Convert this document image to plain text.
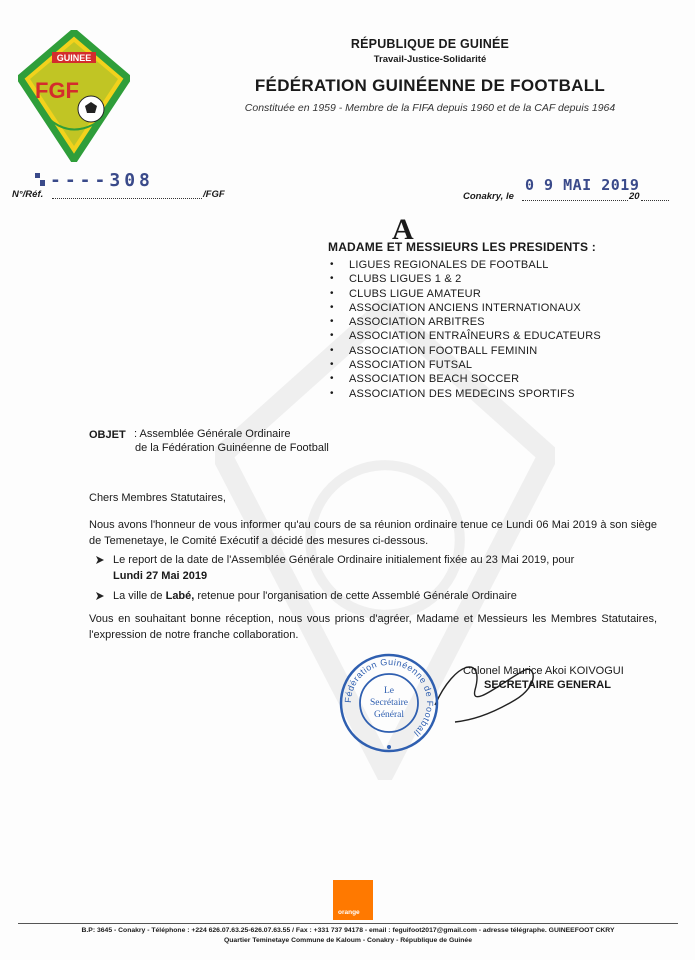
GUINEE
FGF
RÉPUBLIQUE DE GUINÉE
Travail-Justice-Solidarité
FÉDÉRATION GUINÉENNE DE FOOTBALL
Constituée en 1959 - Membre de la FIFA depuis 1960 et de la CAF depuis 1964
----308
N°/Réf.	/FGF
0 9 MAI 2019
Conakry, le	20
A
MADAME ET MESSIEURS LES PRESIDENTS :
• LIGUES REGIONALES DE FOOTBALL
• CLUBS LIGUES 1 & 2
• CLUBS LIGUE AMATEUR
• ASSOCIATION ANCIENS INTERNATIONAUX
• ASSOCIATION ARBITRES
• ASSOCIATION ENTRAÎNEURS & EDUCATEURS
• ASSOCIATION FOOTBALL FEMININ
• ASSOCIATION FUTSAL
• ASSOCIATION BEACH SOCCER
• ASSOCIATION DES MEDECINS SPORTIFS
OBJET : Assemblée Générale Ordinaire
de la Fédération Guinéenne de Football
Chers Membres Statutaires,
Nous avons l'honneur de vous informer qu'au cours de sa réunion ordinaire tenue ce Lundi 06 Mai 2019 à son siège de Temenetaye, le Comité Exécutif a décidé des mesures ci-dessous.
Le report de la date de l'Assemblée Générale Ordinaire initialement fixée au 23 Mai 2019, pour Lundi 27 Mai 2019
La ville de Labé, retenue pour l'organisation de cette Assemblé Générale Ordinaire
Vous en souhaitant bonne réception, nous vous prions d'agréer, Madame et Messieurs les Membres Statutaires, l'expression de notre franche collaboration.
Colonel Maurice Akoi KOIVOGUI
SECRETAIRE GENERAL
Fédération Guinéenne de Football
Le
Secrétaire
Général
orange
B.P: 3645 - Conakry - Téléphone : +224 626.07.63.25-626.07.63.55 / Fax : +331 737 94178 - email : feguifoot2017@gmail.com - adresse télégraphe. GUINEEFOOT CKRY
Quartier Teminetaye Commune de Kaloum - Conakry - République de Guinée
